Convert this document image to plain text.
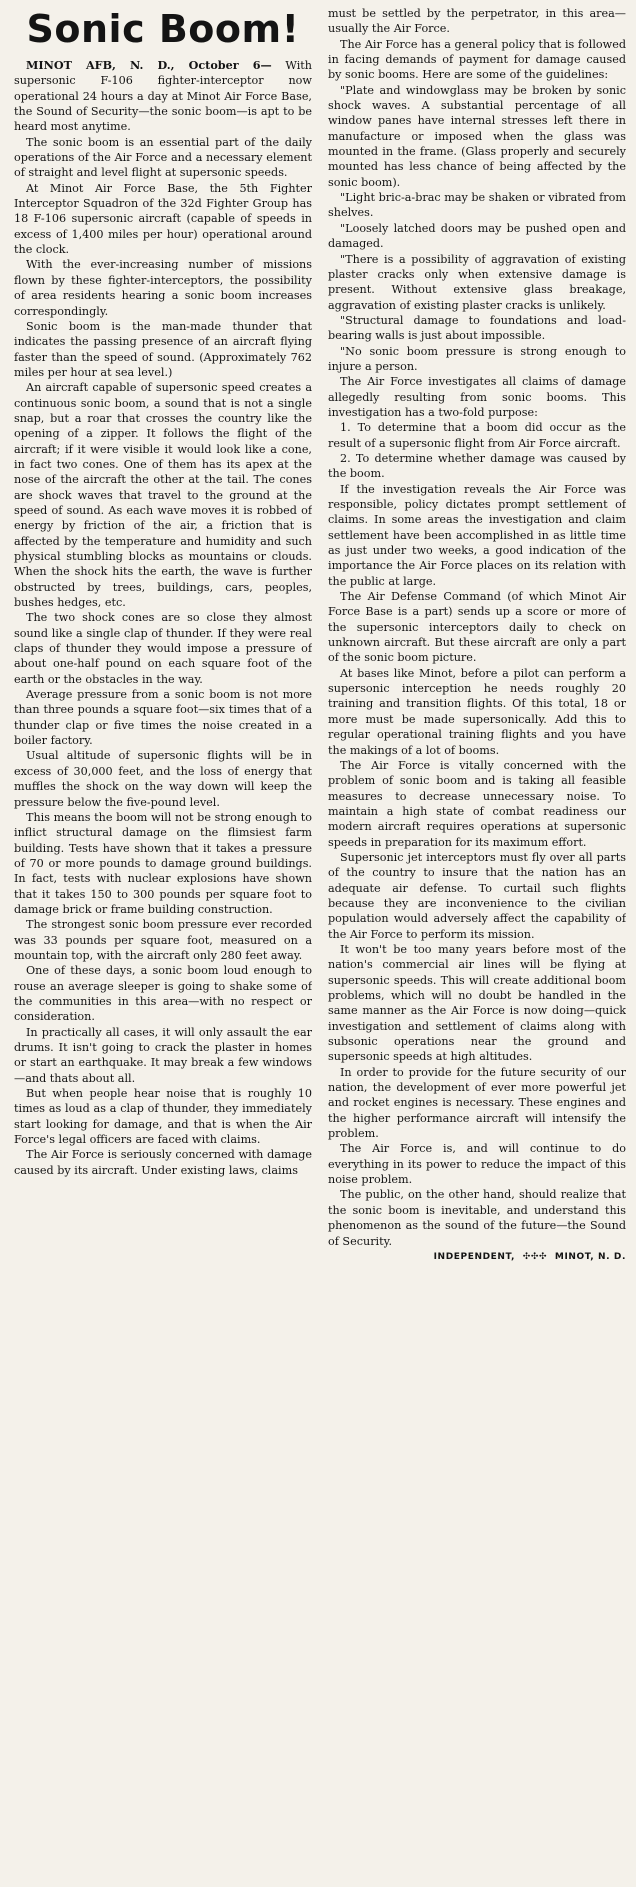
Sonic Boom!

MINOT AFB, N. D., October 6— With supersonic F-106 fighter-interceptor now operational 24 hours a day at Minot Air Force Base, the Sound of Security—the sonic boom—is apt to be heard most anytime.

The sonic boom is an essential part of the daily operations of the Air Force and a necessary element of straight and level flight at supersonic speeds.

At Minot Air Force Base, the 5th Fighter Interceptor Squadron of the 32d Fighter Group has 18 F-106 supersonic aircraft (capable of speeds in excess of 1,400 miles per hour) operational around the clock.

With the ever-increasing number of missions flown by these fighter-interceptors, the possibility of area residents hearing a sonic boom increases correspondingly.

Sonic boom is the man-made thunder that indicates the passing presence of an aircraft flying faster than the speed of sound. (Approximately 762 miles per hour at sea level.)

An aircraft capable of supersonic speed creates a continuous sonic boom, a sound that is not a single snap, but a roar that crosses the country like the opening of a zipper. It follows the flight of the aircraft; if it were visible it would look like a cone, in fact two cones. One of them has its apex at the nose of the aircraft the other at the tail. The cones are shock waves that travel to the ground at the speed of sound. As each wave moves it is robbed of energy by friction of the air, a friction that is affected by the temperature and humidity and such physical stumbling blocks as mountains or clouds. When the shock hits the earth, the wave is further obstructed by trees, buildings, cars, peoples, bushes hedges, etc.

The two shock cones are so close they almost sound like a single clap of thunder. If they were real claps of thunder they would impose a pressure of about one-half pound on each square foot of the earth or the obstacles in the way.

Average pressure from a sonic boom is not more than three pounds a square foot—six times that of a thunder clap or five times the noise created in a boiler factory.

Usual altitude of supersonic flights will be in excess of 30,000 feet, and the loss of energy that muffles the shock on the way down will keep the pressure below the five-pound level.

This means the boom will not be strong enough to inflict structural damage on the flimsiest farm building. Tests have shown that it takes a pressure of 70 or more pounds to damage ground buildings. In fact, tests with nuclear explosions have shown that it takes 150 to 300 pounds per square foot to damage brick or frame building construction.

The strongest sonic boom pressure ever recorded was 33 pounds per square foot, measured on a mountain top, with the aircraft only 280 feet away.

One of these days, a sonic boom loud enough to rouse an average sleeper is going to shake some of the communities in this area—with no respect or consideration.

In practically all cases, it will only assault the ear drums. It isn't going to crack the plaster in homes or start an earthquake. It may break a few windows—and thats about all.

But when people hear noise that is roughly 10 times as loud as a clap of thunder, they immediately start looking for damage, and that is when the Air Force's legal officers are faced with claims.

The Air Force is seriously concerned with damage caused by its aircraft. Under existing laws, claims

must be settled by the perpetrator, in this area—usually the Air Force.

The Air Force has a general policy that is followed in facing demands of payment for damage caused by sonic booms. Here are some of the guidelines:

"Plate and windowglass may be broken by sonic shock waves. A substantial percentage of all window panes have internal stresses left there in manufacture or imposed when the glass was mounted in the frame. (Glass properly and securely mounted has less chance of being affected by the sonic boom).
"Light bric-a-brac may be shaken or vibrated from shelves.
"Loosely latched doors may be pushed open and damaged.
"There is a possibility of aggravation of existing plaster cracks only when extensive damage is present. Without extensive glass breakage, aggravation of existing plaster cracks is unlikely.
"Structural damage to foundations and load-bearing walls is just about impossible.
"No sonic boom pressure is strong enough to injure a person.

The Air Force investigates all claims of damage allegedly resulting from sonic booms. This investigation has a two-fold purpose:

1. To determine that a boom did occur as the result of a supersonic flight from Air Force aircraft.
2. To determine whether damage was caused by the boom.

If the investigation reveals the Air Force was responsible, policy dictates prompt settlement of claims. In some areas the investigation and claim settlement have been accomplished in as little time as just under two weeks, a good indication of the importance the Air Force places on its relation with the public at large.

The Air Defense Command (of which Minot Air Force Base is a part) sends up a score or more of the supersonic interceptors daily to check on unknown aircraft. But these aircraft are only a part of the sonic boom picture.

At bases like Minot, before a pilot can perform a supersonic interception he needs roughly 20 training and transition flights. Of this total, 18 or more must be made supersonically. Add this to regular operational training flights and you have the makings of a lot of booms.

The Air Force is vitally concerned with the problem of sonic boom and is taking all feasible measures to decrease unnecessary noise. To maintain a high state of combat readiness our modern aircraft requires operations at supersonic speeds in preparation for its maximum effort.

Supersonic jet interceptors must fly over all parts of the country to insure that the nation has an adequate air defense. To curtail such flights because they are inconvenience to the civilian population would adversely affect the capability of the Air Force to perform its mission.

It won't be too many years before most of the nation's commercial air lines will be flying at supersonic speeds. This will create additional boom problems, which will no doubt be handled in the same manner as the Air Force is now doing—quick investigation and settlement of claims along with subsonic operations near the ground and supersonic speeds at high altitudes.

In order to provide for the future security of our nation, the development of ever more powerful jet and rocket engines is necessary. These engines and the higher performance aircraft will intensify the problem.

The Air Force is, and will continue to do everything in its power to reduce the impact of this noise problem.

The public, on the other hand, should realize that the sonic boom is inevitable, and understand this phenomenon as the sound of the future—the Sound of Security.

INDEPENDENT, ✣✣✣ MINOT, N. D.
